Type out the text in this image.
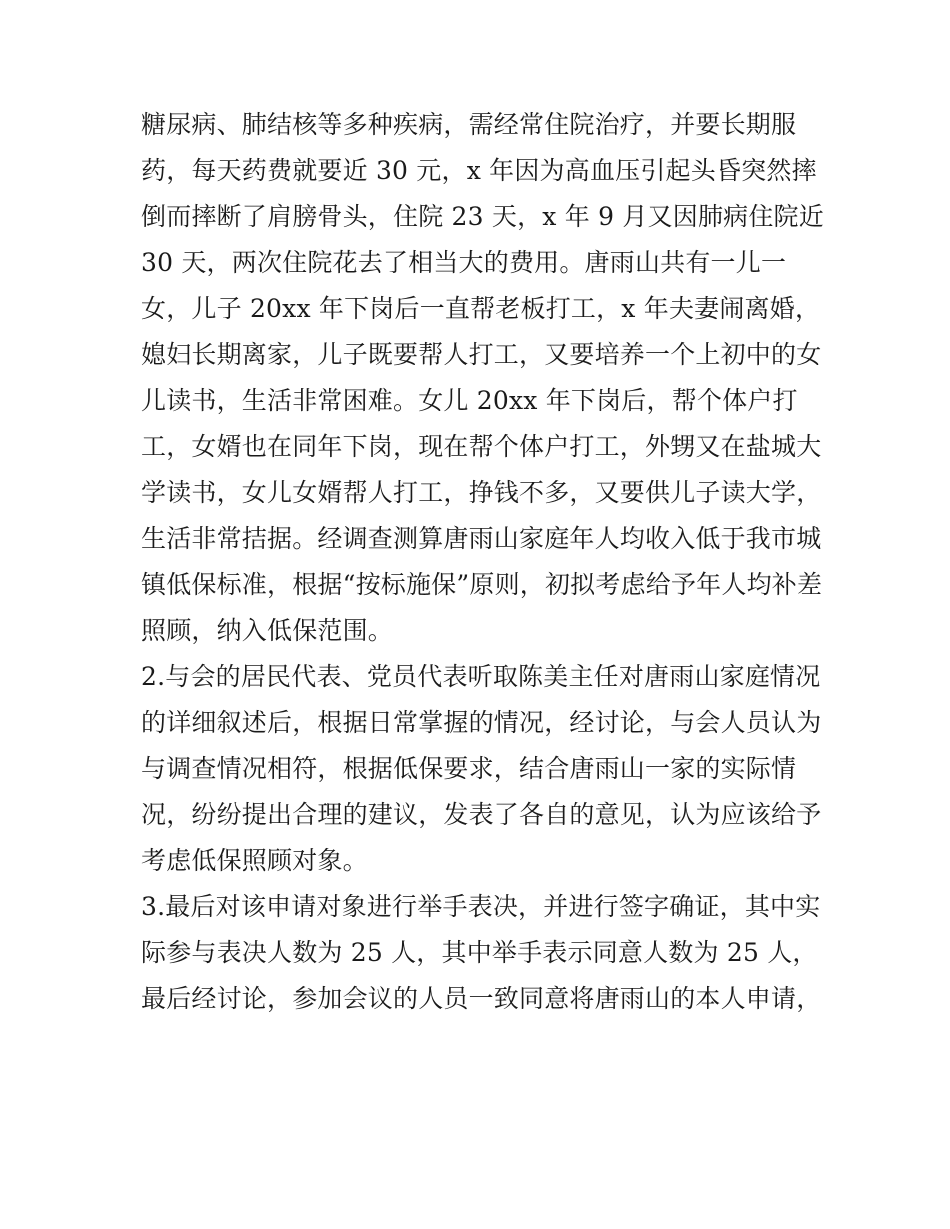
糖尿病、肺结核等多种疾病，需经常住院治疗，并要长期服
药，每天药费就要近 30 元，x 年因为高血压引起头昏突然摔
倒而摔断了肩膀骨头，住院 23 天，x 年 9 月又因肺病住院近
30 天，两次住院花去了相当大的费用。唐雨山共有一儿一
女，儿子 20xx 年下岗后一直帮老板打工，x 年夫妻闹离婚，
媳妇长期离家，儿子既要帮人打工，又要培养一个上初中的女
儿读书，生活非常困难。女儿 20xx 年下岗后，帮个体户打
工，女婿也在同年下岗，现在帮个体户打工，外甥又在盐城大
学读书，女儿女婿帮人打工，挣钱不多，又要供儿子读大学，
生活非常拮据。经调查测算唐雨山家庭年人均收入低于我市城
镇低保标准，根据“按标施保”原则，初拟考虑给予年人均补差
照顾，纳入低保范围。
2.与会的居民代表、党员代表听取陈美主任对唐雨山家庭情况
的详细叙述后，根据日常掌握的情况，经讨论，与会人员认为
与调查情况相符，根据低保要求，结合唐雨山一家的实际情
况，纷纷提出合理的建议，发表了各自的意见，认为应该给予
考虑低保照顾对象。
3.最后对该申请对象进行举手表决，并进行签字确证，其中实
际参与表决人数为 25 人，其中举手表示同意人数为 25 人，
最后经讨论，参加会议的人员一致同意将唐雨山的本人申请，
